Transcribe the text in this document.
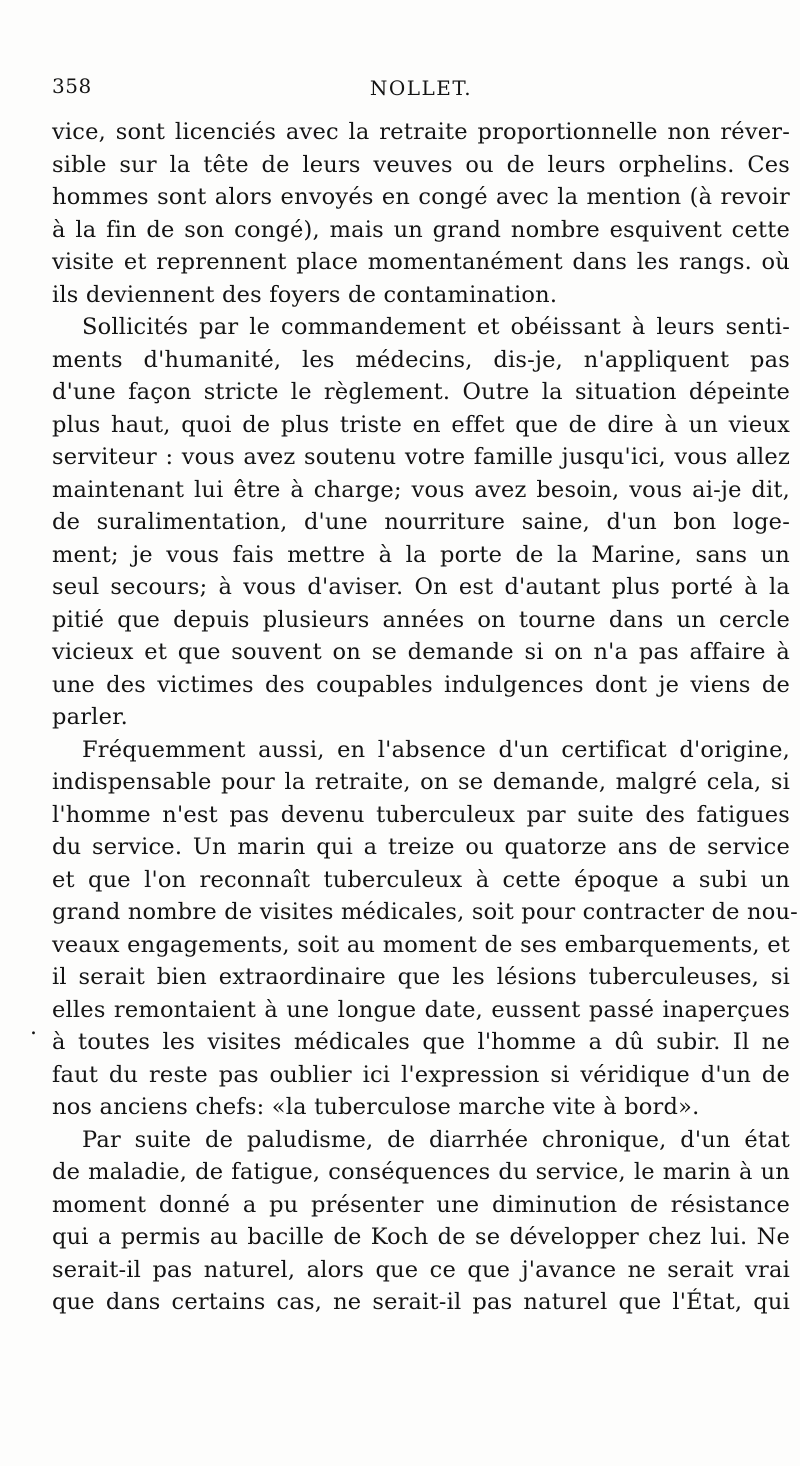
358	NOLLET.
.
vice, sont licenciés avec la retraite proportionnelle non réver-
sible sur la tête de leurs veuves ou de leurs orphelins. Ces
hommes sont alors envoyés en congé avec la mention (à revoir
à la fin de son congé), mais un grand nombre esquivent cette
visite et reprennent place momentanément dans les rangs. où
ils deviennent des foyers de contamination.
Sollicités par le commandement et obéissant à leurs senti-
ments d'humanité, les médecins, dis-je, n'appliquent pas
d'une façon stricte le règlement. Outre la situation dépeinte
plus haut, quoi de plus triste en effet que de dire à un vieux
serviteur : vous avez soutenu votre famille jusqu'ici, vous allez
maintenant lui être à charge; vous avez besoin, vous ai-je dit,
de suralimentation, d'une nourriture saine, d'un bon loge-
ment; je vous fais mettre à la porte de la Marine, sans un
seul secours; à vous d'aviser. On est d'autant plus porté à la
pitié que depuis plusieurs années on tourne dans un cercle
vicieux et que souvent on se demande si on n'a pas affaire à
une des victimes des coupables indulgences dont je viens de
parler.
Fréquemment aussi, en l'absence d'un certificat d'origine,
indispensable pour la retraite, on se demande, malgré cela, si
l'homme n'est pas devenu tuberculeux par suite des fatigues
du service. Un marin qui a treize ou quatorze ans de service
et que l'on reconnaît tuberculeux à cette époque a subi un
grand nombre de visites médicales, soit pour contracter de nou-
veaux engagements, soit au moment de ses embarquements, et
il serait bien extraordinaire que les lésions tuberculeuses, si
elles remontaient à une longue date, eussent passé inaperçues
à toutes les visites médicales que l'homme a dû subir. Il ne
faut du reste pas oublier ici l'expression si véridique d'un de
nos anciens chefs: «la tuberculose marche vite à bord».
Par suite de paludisme, de diarrhée chronique, d'un état
de maladie, de fatigue, conséquences du service, le marin à un
moment donné a pu présenter une diminution de résistance
qui a permis au bacille de Koch de se développer chez lui. Ne
serait-il pas naturel, alors que ce que j'avance ne serait vrai
que dans certains cas, ne serait-il pas naturel que l'État, qui
